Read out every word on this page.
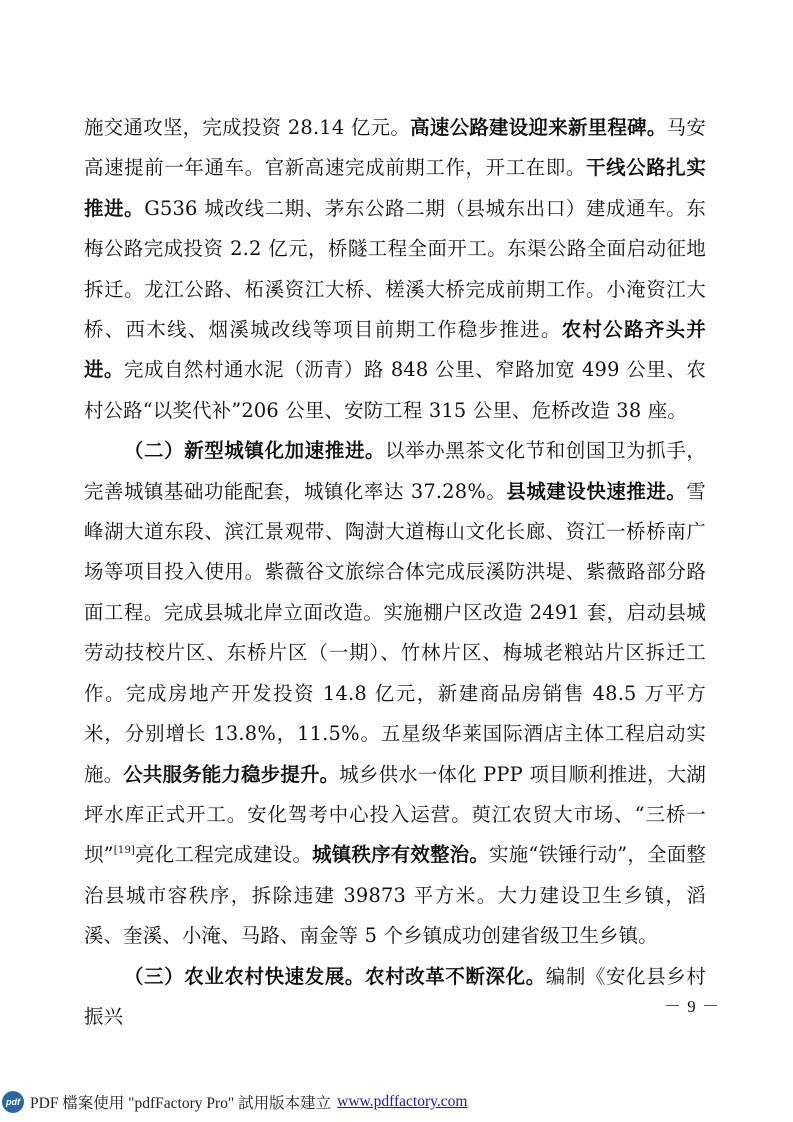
施交通攻坚，完成投资 28.14 亿元。高速公路建设迎来新里程碑。马安高速提前一年通车。官新高速完成前期工作，开工在即。干线公路扎实推进。G536 城改线二期、茅东公路二期（县城东出口）建成通车。东梅公路完成投资 2.2 亿元，桥隧工程全面开工。东渠公路全面启动征地拆迁。龙江公路、柘溪资江大桥、槎溪大桥完成前期工作。小淹资江大桥、西木线、烟溪城改线等项目前期工作稳步推进。农村公路齐头并进。完成自然村通水泥（沥青）路 848 公里、窄路加宽 499 公里、农村公路“以奖代补”206 公里、安防工程 315 公里、危桥改造 38 座。

（二）新型城镇化加速推进。以举办黑茶文化节和创国卫为抓手，完善城镇基础功能配套，城镇化率达 37.28%。县城建设快速推进。雪峰湖大道东段、滨江景观带、陶澍大道梅山文化长廊、资江一桥桥南广场等项目投入使用。紫薇谷文旅综合体完成辰溪防洪堤、紫薇路部分路面工程。完成县城北岸立面改造。实施棚户区改造 2491 套，启动县城劳动技校片区、东桥片区（一期）、竹林片区、梅城老粮站片区拆迁工作。完成房地产开发投资 14.8 亿元，新建商品房销售 48.5 万平方米，分别增长 13.8%，11.5%。五星级华莱国际酒店主体工程启动实施。公共服务能力稳步提升。城乡供水一体化 PPP 项目顺利推进，大湖坪水库正式开工。安化驾考中心投入运营。萸江农贸大市场、“三桥一坝”[19]亮化工程完成建设。城镇秩序有效整治。实施“铁锤行动”，全面整治县城市容秩序，拆除违建 39873 平方米。大力建设卫生乡镇，滔溪、奎溪、小淹、马路、南金等 5 个乡镇成功创建省级卫生乡镇。

（三）农业农村快速发展。农村改革不断深化。编制《安化县乡村振兴	－ 9 －
pdf PDF 檔案使用 "pdfFactory Pro" 試用版本建立 www.pdffactory.com
